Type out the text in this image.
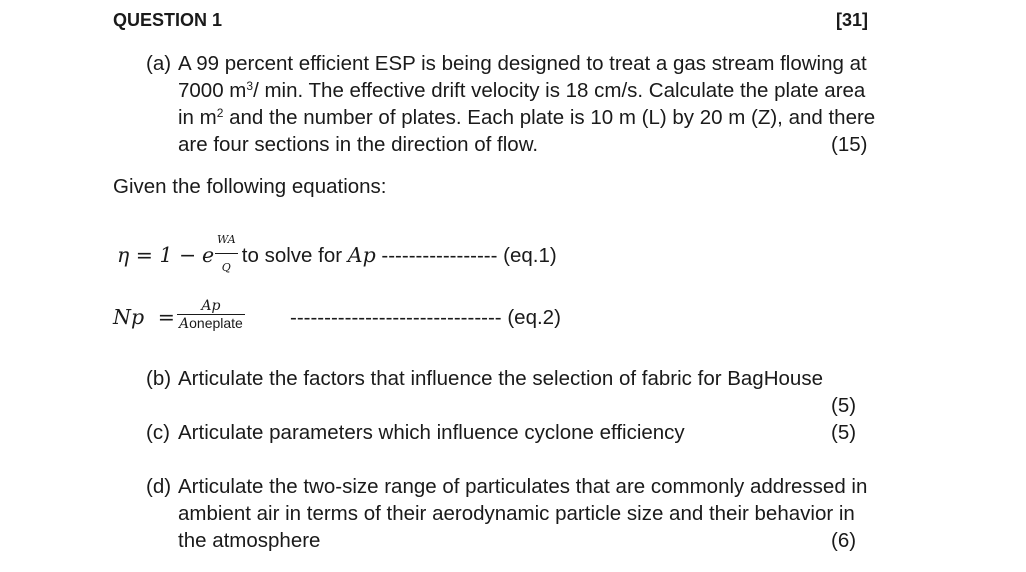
QUESTION 1	[31]
(a) A 99 percent efficient ESP is being designed to treat a gas stream flowing at
7000 $m^3/$ min. The effective drift velocity is 18 cm/s. Calculate the plate area
in $m^2$ and the number of plates. Each plate is 10 m (L) by 20 m (Z), and there
are four sections in the direction of flow.	(15)
Given the following equations:
η = 1 − e
WA
Q
to solve for Ap ----------------- (eq.1)
$Np = \frac{Ap}{\text{Aoneplate}}$ ------------------------------- (eq.2)
(b) Articulate the factors that influence the selection of fabric for BagHouse
(5)
(c) Articulate parameters which influence cyclone efficiency	(5)
(d) Articulate the two-size range of particulates that are commonly addressed in
ambient air in terms of their aerodynamic particle size and their behavior in
the atmosphere	(6)
